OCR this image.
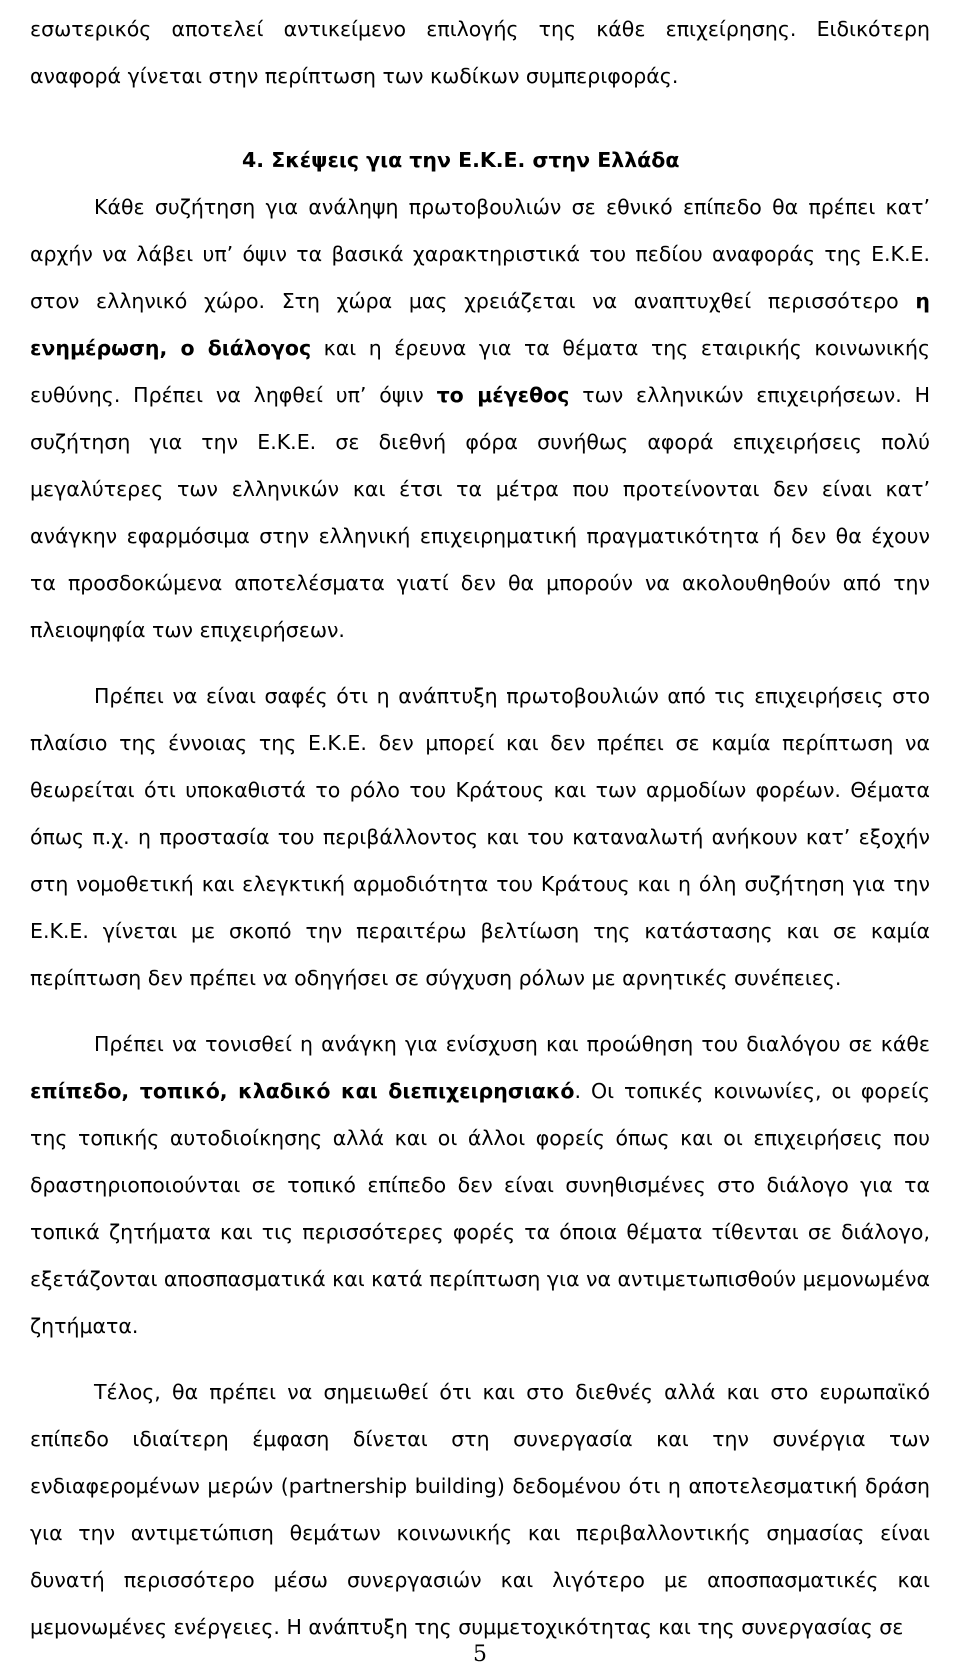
εσωτερικός αποτελεί αντικείμενο επιλογής της κάθε επιχείρησης. Ειδικότερη αναφορά γίνεται στην περίπτωση των κωδίκων συμπεριφοράς.

4. Σκέψεις για την Ε.Κ.Ε. στην Ελλάδα

Κάθε συζήτηση για ανάληψη πρωτοβουλιών σε εθνικό επίπεδο θα πρέπει κατ’ αρχήν να λάβει υπ’ όψιν τα βασικά χαρακτηριστικά του πεδίου αναφοράς της Ε.Κ.Ε. στον ελληνικό χώρο. Στη χώρα μας χρειάζεται να αναπτυχθεί περισσότερο η ενημέρωση, ο διάλογος και η έρευνα για τα θέματα της εταιρικής κοινωνικής ευθύνης. Πρέπει να ληφθεί υπ’ όψιν το μέγεθος των ελληνικών επιχειρήσεων. Η συζήτηση για την Ε.Κ.Ε. σε διεθνή φόρα συνήθως αφορά επιχειρήσεις πολύ μεγαλύτερες των ελληνικών και έτσι τα μέτρα που προτείνονται δεν είναι κατ’ ανάγκην εφαρμόσιμα στην ελληνική επιχειρηματική πραγματικότητα ή δεν θα έχουν τα προσδοκώμενα αποτελέσματα γιατί δεν θα μπορούν να ακολουθηθούν από την πλειοψηφία των επιχειρήσεων.

Πρέπει να είναι σαφές ότι η ανάπτυξη πρωτοβουλιών από τις επιχειρήσεις στο πλαίσιο της έννοιας της Ε.Κ.Ε. δεν μπορεί και δεν πρέπει σε καμία περίπτωση να θεωρείται ότι υποκαθιστά το ρόλο του Κράτους και των αρμοδίων φορέων. Θέματα όπως π.χ. η προστασία του περιβάλλοντος και του καταναλωτή ανήκουν κατ’ εξοχήν στη νομοθετική και ελεγκτική αρμοδιότητα του Κράτους και η όλη συζήτηση για την Ε.Κ.Ε. γίνεται με σκοπό την περαιτέρω βελτίωση της κατάστασης και σε καμία περίπτωση δεν πρέπει να οδηγήσει σε σύγχυση ρόλων με αρνητικές συνέπειες.

Πρέπει να τονισθεί η ανάγκη για ενίσχυση και προώθηση του διαλόγου σε κάθε επίπεδο, τοπικό, κλαδικό και διεπιχειρησιακό. Οι τοπικές κοινωνίες, οι φορείς της τοπικής αυτοδιοίκησης αλλά και οι άλλοι φορείς όπως και οι επιχειρήσεις που δραστηριοποιούνται σε τοπικό επίπεδο δεν είναι συνηθισμένες στο διάλογο για τα τοπικά ζητήματα και τις περισσότερες φορές τα όποια θέματα τίθενται σε διάλογο, εξετάζονται αποσπασματικά και κατά περίπτωση για να αντιμετωπισθούν μεμονωμένα ζητήματα.

Τέλος, θα πρέπει να σημειωθεί ότι και στο διεθνές αλλά και στο ευρωπαϊκό επίπεδο ιδιαίτερη έμφαση δίνεται στη συνεργασία και την συνέργια των ενδιαφερομένων μερών (partnership building) δεδομένου ότι η αποτελεσματική δράση για την αντιμετώπιση θεμάτων κοινωνικής και περιβαλλοντικής σημασίας είναι δυνατή περισσότερο μέσω συνεργασιών και λιγότερο με αποσπασματικές και μεμονωμένες ενέργειες. Η ανάπτυξη της συμμετοχικότητας και της συνεργασίας σε

5
